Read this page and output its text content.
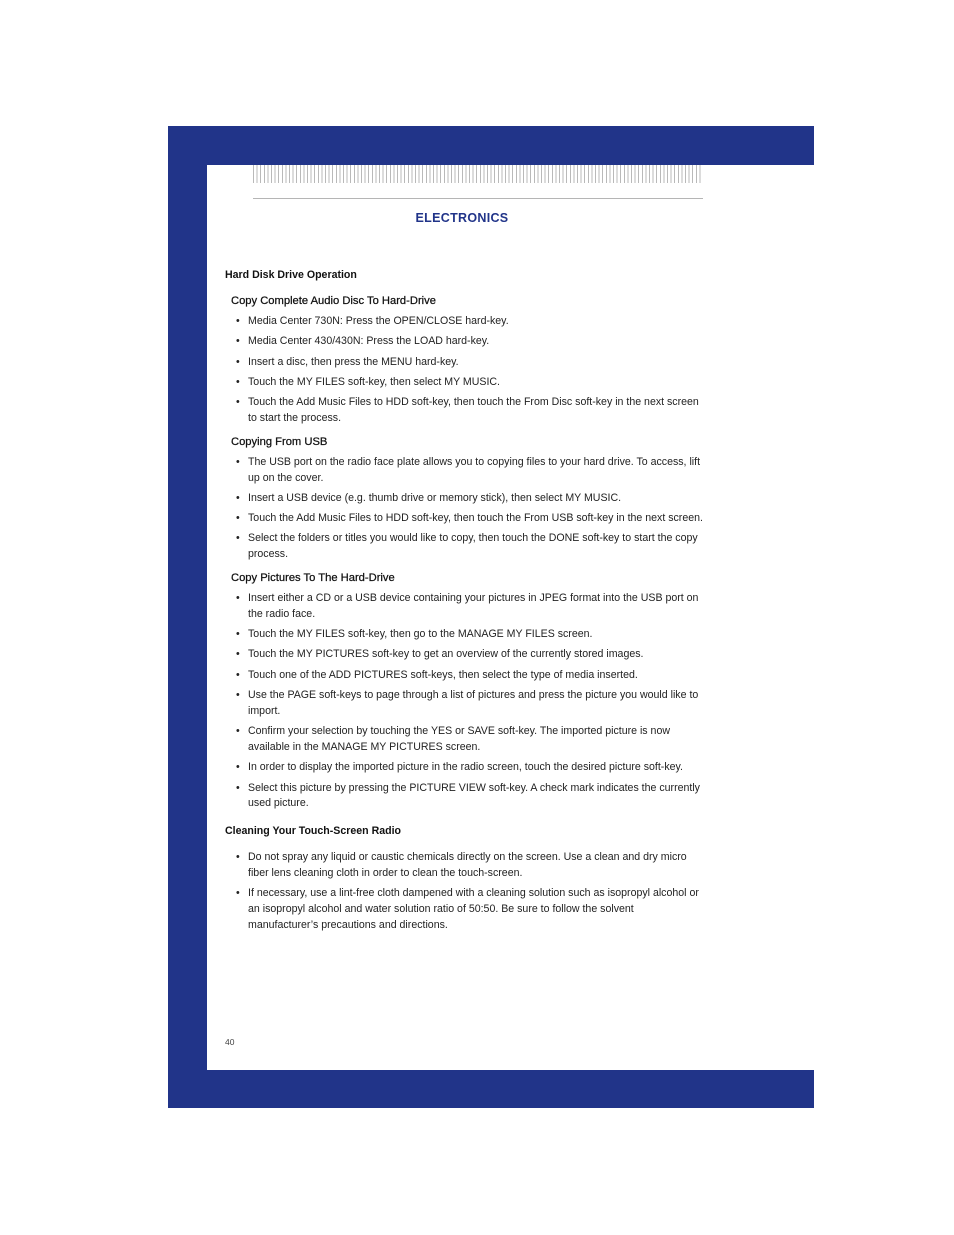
ELECTRONICS
Hard Disk Drive Operation
Copy Complete Audio Disc To Hard-Drive
• Media Center 730N: Press the OPEN/CLOSE hard-key.
• Media Center 430/430N: Press the LOAD hard-key.
• Insert a disc, then press the MENU hard-key.
• Touch the MY FILES soft-key, then select MY MUSIC.
• Touch the Add Music Files to HDD soft-key, then touch the From Disc soft-key in the next screen to start the process.
Copying From USB
• The USB port on the radio face plate allows you to copying files to your hard drive. To access, lift up on the cover.
• Insert a USB device (e.g. thumb drive or memory stick), then select MY MUSIC.
• Touch the Add Music Files to HDD soft-key, then touch the From USB soft-key in the next screen.
• Select the folders or titles you would like to copy, then touch the DONE soft-key to start the copy process.
Copy Pictures To The Hard-Drive
• Insert either a CD or a USB device containing your pictures in JPEG format into the USB port on the radio face.
• Touch the MY FILES soft-key, then go to the MANAGE MY FILES screen.
• Touch the MY PICTURES soft-key to get an overview of the currently stored images.
• Touch one of the ADD PICTURES soft-keys, then select the type of media inserted.
• Use the PAGE soft-keys to page through a list of pictures and press the picture you would like to import.
• Confirm your selection by touching the YES or SAVE soft-key. The imported picture is now available in the MANAGE MY PICTURES screen.
• In order to display the imported picture in the radio screen, touch the desired picture soft-key.
• Select this picture by pressing the PICTURE VIEW soft-key. A check mark indicates the currently used picture.
Cleaning Your Touch-Screen Radio
• Do not spray any liquid or caustic chemicals directly on the screen. Use a clean and dry micro fiber lens cleaning cloth in order to clean the touch-screen.
• If necessary, use a lint-free cloth dampened with a cleaning solution such as isopropyl alcohol or an isopropyl alcohol and water solution ratio of 50:50. Be sure to follow the solvent manufacturer’s precautions and directions.
40
